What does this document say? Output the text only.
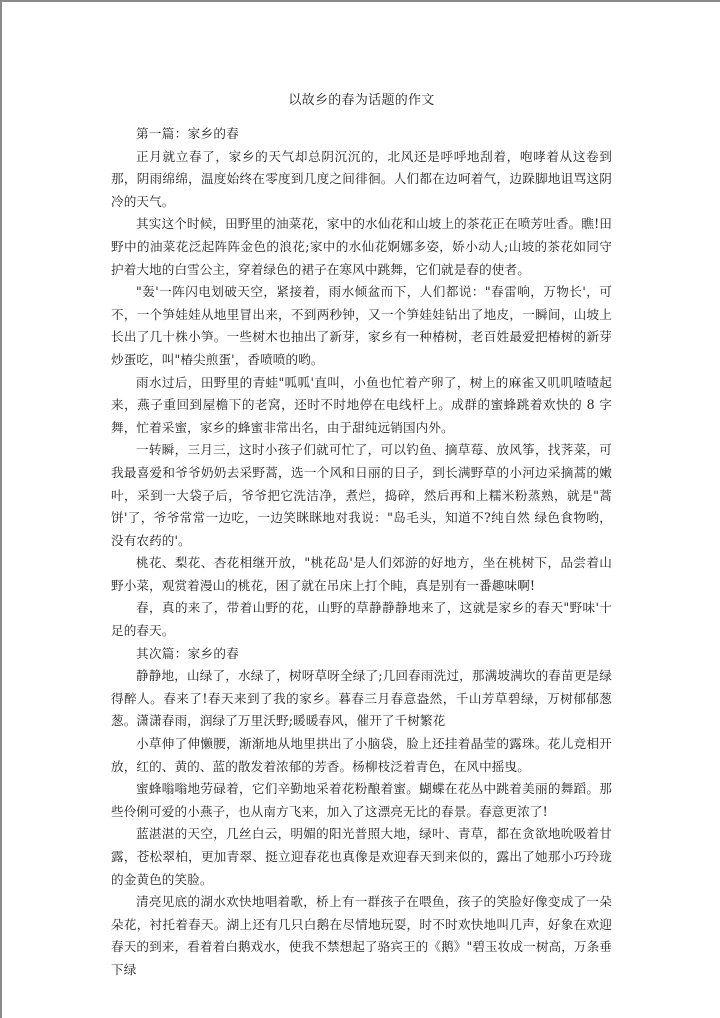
以故乡的春为话题的作文
第一篇：家乡的春

正月就立春了，家乡的天气却总阴沉沉的，北风还是呼呼地刮着，咆哮着从这卷到那，阴雨绵绵，温度始终在零度到几度之间徘徊。人们都在边呵着气，边跺脚地诅骂这阴冷的天气。

其实这个时候，田野里的油菜花，家中的水仙花和山坡上的茶花正在喷芳吐香。瞧!田野中的油菜花泛起阵阵金色的浪花;家中的水仙花婀娜多姿，娇小动人;山坡的茶花如同守护着大地的白雪公主，穿着绿色的裙子在寒风中跳舞，它们就是春的使者。

"轰'一阵闪电划破天空，紧接着，雨水倾盆而下，人们都说："春雷响，万物长'，可不，一个笋娃娃从地里冒出来，不到两秒钟，又一个笋娃娃钻出了地皮，一瞬间，山坡上长出了几十株小笋。一些树木也抽出了新芽，家乡有一种椿树，老百姓最爱把椿树的新芽炒蛋吃，叫"椿尖煎蛋'，香喷喷的哟。

雨水过后，田野里的青蛙"呱呱'直叫，小鱼也忙着产卵了，树上的麻雀又叽叽喳喳起来，燕子重回到屋檐下的老窝，还时不时地停在电线杆上。成群的蜜蜂跳着欢快的 8 字舞，忙着采蜜，家乡的蜂蜜非常出名，由于甜纯远销国内外。

一转瞬，三月三，这时小孩子们就可忙了，可以钓鱼、摘草莓、放风筝，找荠菜，可我最喜爱和爷爷奶奶去采野蒿，选一个风和日丽的日子，到长满野草的小河边采摘蒿的嫩叶，采到一大袋子后，爷爷把它洗洁净，煮烂，捣碎，然后再和上糯米粉蒸熟，就是"蒿饼'了，爷爷常常一边吃，一边笑眯眯地对我说："岛毛头，知道不?纯自然 绿色食物哟，没有农药的'。

桃花、梨花、杏花相继开放，"桃花岛'是人们郊游的好地方，坐在桃树下，品尝着山野小菜，观赏着漫山的桃花，困了就在吊床上打个盹，真是别有一番趣味啊!

春，真的来了，带着山野的花，山野的草静静静地来了，这就是家乡的春天"野味'十足的春天。

其次篇：家乡的春

静静地，山绿了，水绿了，树呀草呀全绿了;几回春雨洗过，那满坡满坎的春苗更是绿得醉人。春来了!春天来到了我的家乡。暮春三月春意盎然，千山芳草碧绿，万树郁郁葱葱。潇潇春雨，润绿了万里沃野;暖暖春风，催开了千树繁花

小草伸了伸懒腰，渐渐地从地里拱出了小脑袋，脸上还挂着晶莹的露珠。花儿竞相开放，红的、黄的、蓝的散发着浓郁的芳香。杨柳枝泛着青色，在风中摇曳。

蜜蜂嗡嗡地劳碌着，它们辛勤地采着花粉酿着蜜。蝴蝶在花丛中跳着美丽的舞蹈。那些伶俐可爱的小燕子，也从南方飞来，加入了这漂亮无比的春景。春意更浓了!

蓝湛湛的天空，几丝白云，明媚的阳光普照大地，绿叶、青草，都在贪欲地吮吸着甘露，苍松翠柏，更加青翠、挺立迎春花也真像是欢迎春天到来似的，露出了她那小巧玲珑的金黄色的笑脸。

清亮见底的湖水欢快地唱着歌，桥上有一群孩子在喂鱼，孩子的笑脸好像变成了一朵朵花，衬托着春天。湖上还有几只白鹅在尽情地玩耍，时不时欢快地叫几声，好象在欢迎春天的到来，看着着白鹅戏水，使我不禁想起了骆宾王的《鹅》"碧玉妆成一树高，万条垂下绿
